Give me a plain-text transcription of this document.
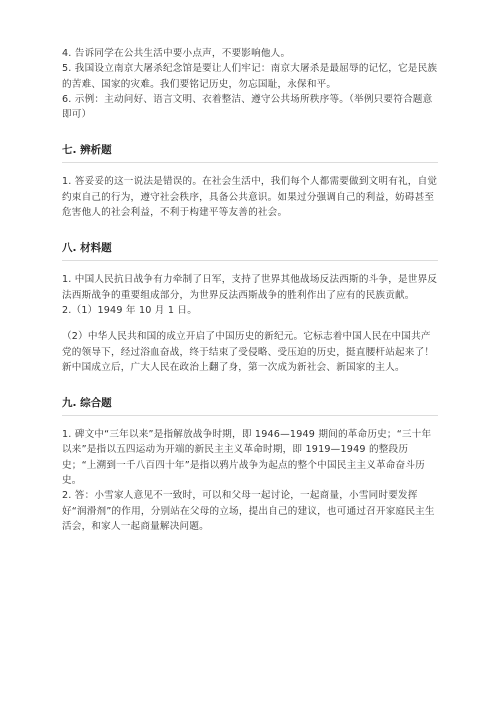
4. 告诉同学在公共生活中要小点声，不要影响他人。

5. 我国设立南京大屠杀纪念馆是要让人们牢记：南京大屠杀是最屈辱的记忆，它是民族的苦难、国家的灾难。我们要铭记历史，勿忘国耻，永保和平。

6. 示例：主动问好、语言文明、衣着整洁、遵守公共场所秩序等。（举例只要符合题意即可）

七. 辨析题

1. 答妥妥的这一说法是错误的。在社会生活中，我们每个人都需要做到文明有礼，自觉约束自己的行为，遵守社会秩序，具备公共意识。如果过分强调自己的利益，妨碍甚至危害他人的社会利益，不利于构建平等友善的社会。

八. 材料题

1. 中国人民抗日战争有力牵制了日军，支持了世界其他战场反法西斯的斗争，是世界反法西斯战争的重要组成部分，为世界反法西斯战争的胜利作出了应有的民族贡献。

2.（1）1949 年 10 月 1 日。

（2）中华人民共和国的成立开启了中国历史的新纪元。它标志着中国人民在中国共产党的领导下，经过浴血奋战，终于结束了受侵略、受压迫的历史，挺直腰杆站起来了！新中国成立后，广大人民在政治上翻了身，第一次成为新社会、新国家的主人。

九. 综合题

1. 碑文中“三年以来”是指解放战争时期，即 1946—1949 期间的革命历史；“三十年以来”是指以五四运动为开端的新民主主义革命时期，即 1919—1949 的整段历史；“上溯到一千八百四十年”是指以鸦片战争为起点的整个中国民主主义革命奋斗历史。

2. 答：小雪家人意见不一致时，可以和父母一起讨论，一起商量，小雪同时要发挥好“润滑剂”的作用，分别站在父母的立场，提出自己的建议，也可通过召开家庭民主生活会，和家人一起商量解决问题。
